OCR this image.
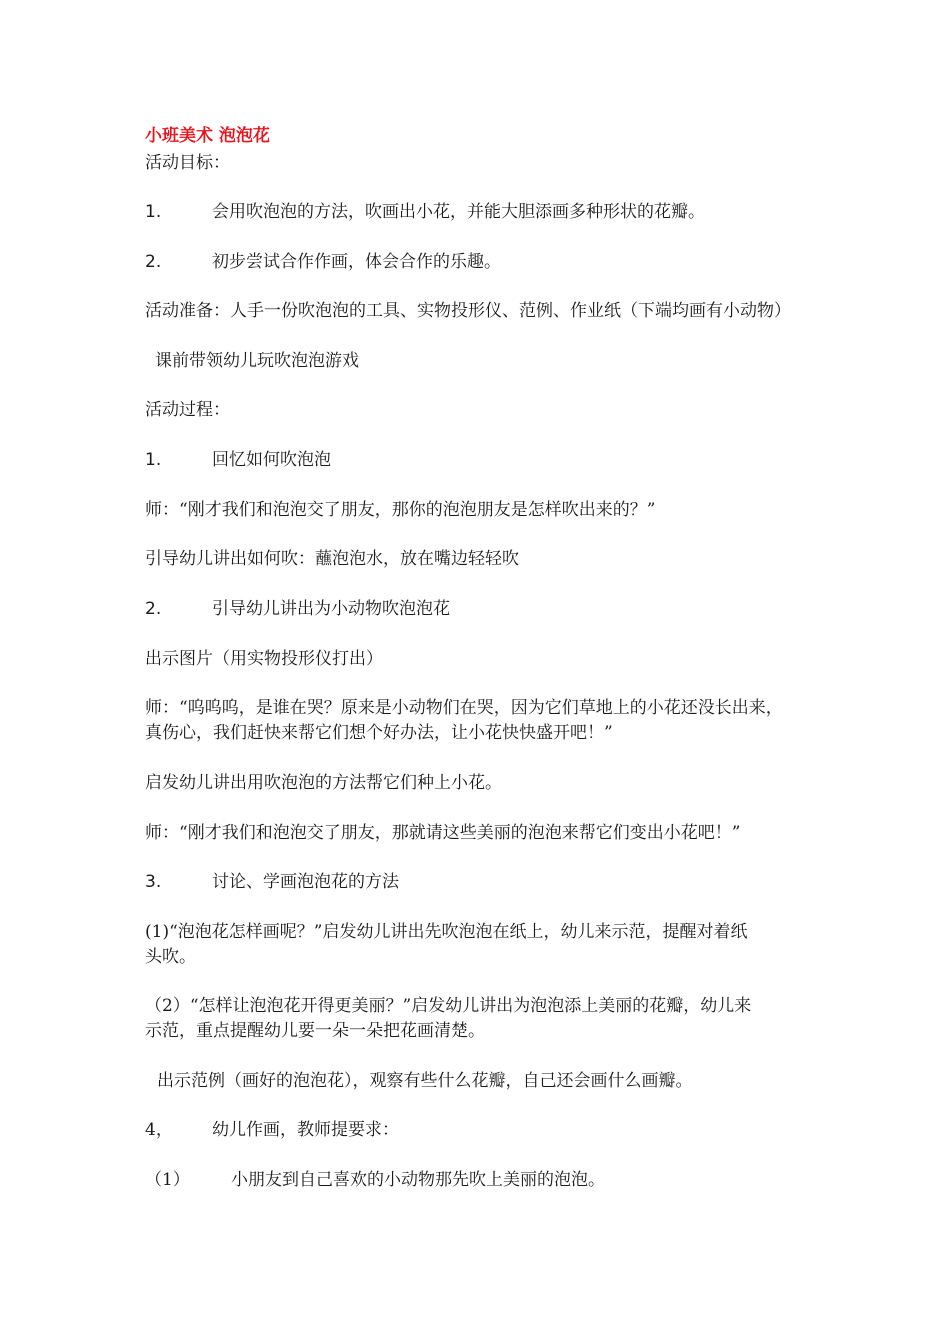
小班美术 泡泡花
活动目标：
1.	会用吹泡泡的方法，吹画出小花，并能大胆添画多种形状的花瓣。
2.	初步尝试合作作画，体会合作的乐趣。
活动准备：人手一份吹泡泡的工具、实物投形仪、范例、作业纸（下端均画有小动物）
课前带领幼儿玩吹泡泡游戏
活动过程：
1.	回忆如何吹泡泡
师：“刚才我们和泡泡交了朋友，那你的泡泡朋友是怎样吹出来的？”
引导幼儿讲出如何吹：蘸泡泡水，放在嘴边轻轻吹
2.	引导幼儿讲出为小动物吹泡泡花
出示图片（用实物投形仪打出）
师：“呜呜呜，是谁在哭？原来是小动物们在哭，因为它们草地上的小花还没长出来，
真伤心，我们赶快来帮它们想个好办法，让小花快快盛开吧！”
启发幼儿讲出用吹泡泡的方法帮它们种上小花。
师：“刚才我们和泡泡交了朋友，那就请这些美丽的泡泡来帮它们变出小花吧！”
3.	讨论、学画泡泡花的方法
(1)“泡泡花怎样画呢？”启发幼儿讲出先吹泡泡在纸上，幼儿来示范，提醒对着纸
头吹。
（2）“怎样让泡泡花开得更美丽？”启发幼儿讲出为泡泡添上美丽的花瓣，幼儿来
示范，重点提醒幼儿要一朵一朵把花画清楚。
出示范例（画好的泡泡花），观察有些什么花瓣，自己还会画什么画瓣。
4， 幼儿作画，教师提要求：
（1） 小朋友到自己喜欢的小动物那先吹上美丽的泡泡。
